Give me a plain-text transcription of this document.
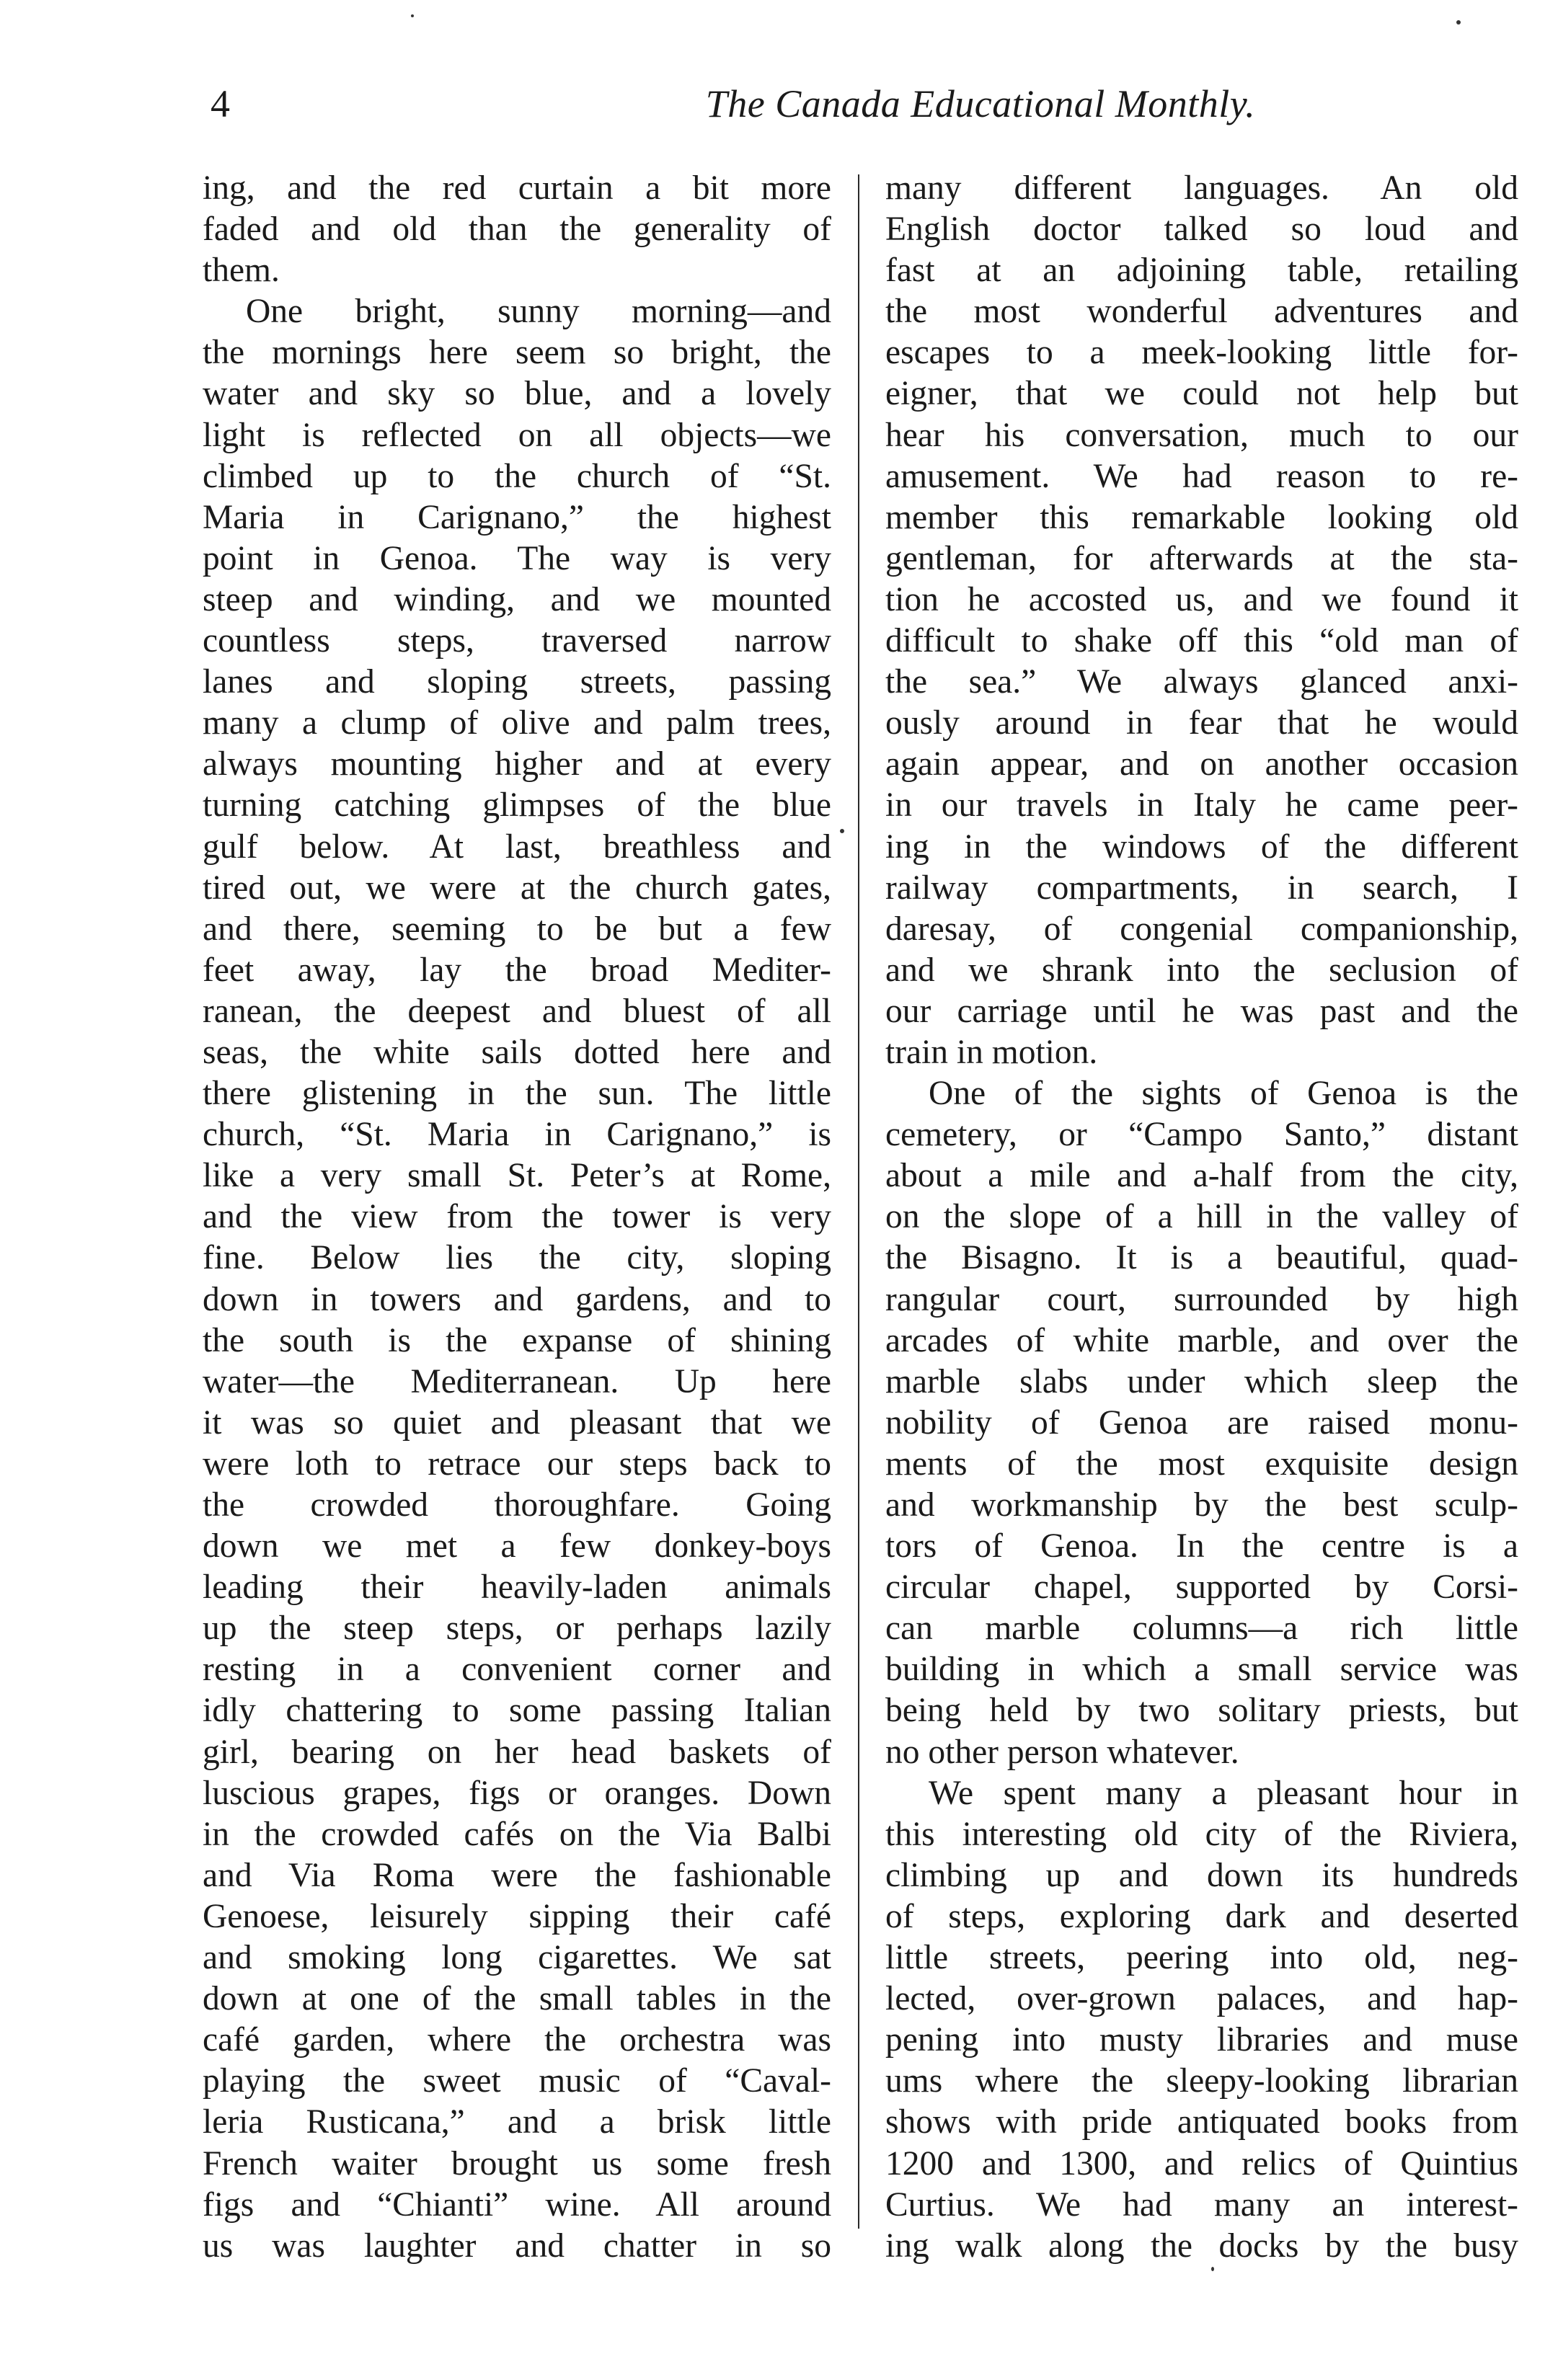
4	The Canada Educational Monthly.
ing, and the red curtain a bit more
faded and old than the generality of
them.
One bright, sunny morning—and
the mornings here seem so bright, the
water and sky so blue, and a lovely
light is reflected on all objects—we
climbed up to the church of “St.
Maria in Carignano,” the highest
point in Genoa. The way is very
steep and winding, and we mounted
countless steps, traversed narrow
lanes and sloping streets, passing
many a clump of olive and palm trees,
always mounting higher and at every
turning catching glimpses of the blue
gulf below. At last, breathless and
tired out, we were at the church gates,
and there, seeming to be but a few
feet away, lay the broad Mediter-
ranean, the deepest and bluest of all
seas, the white sails dotted here and
there glistening in the sun. The little
church, “St. Maria in Carignano,” is
like a very small St. Peter’s at Rome,
and the view from the tower is very
fine. Below lies the city, sloping
down in towers and gardens, and to
the south is the expanse of shining
water—the Mediterranean. Up here
it was so quiet and pleasant that we
were loth to retrace our steps back to
the crowded thoroughfare. Going
down we met a few donkey-boys
leading their heavily-laden animals
up the steep steps, or perhaps lazily
resting in a convenient corner and
idly chattering to some passing Italian
girl, bearing on her head baskets of
luscious grapes, figs or oranges. Down
in the crowded cafés on the Via Balbi
and Via Roma were the fashionable
Genoese, leisurely sipping their café
and smoking long cigarettes. We sat
down at one of the small tables in the
café garden, where the orchestra was
playing the sweet music of “Caval-
leria Rusticana,” and a brisk little
French waiter brought us some fresh
figs and “Chianti” wine. All around
us was laughter and chatter in so
many different languages. An old
English doctor talked so loud and
fast at an adjoining table, retailing
the most wonderful adventures and
escapes to a meek-looking little for-
eigner, that we could not help but
hear his conversation, much to our
amusement. We had reason to re-
member this remarkable looking old
gentleman, for afterwards at the sta-
tion he accosted us, and we found it
difficult to shake off this “old man of
the sea.” We always glanced anxi-
ously around in fear that he would
again appear, and on another occasion
in our travels in Italy he came peer-
ing in the windows of the different
railway compartments, in search, I
daresay, of congenial companionship,
and we shrank into the seclusion of
our carriage until he was past and the
train in motion.
One of the sights of Genoa is the
cemetery, or “Campo Santo,” distant
about a mile and a-half from the city,
on the slope of a hill in the valley of
the Bisagno. It is a beautiful, quad-
rangular court, surrounded by high
arcades of white marble, and over the
marble slabs under which sleep the
nobility of Genoa are raised monu-
ments of the most exquisite design
and workmanship by the best sculp-
tors of Genoa. In the centre is a
circular chapel, supported by Corsi-
can marble columns—a rich little
building in which a small service was
being held by two solitary priests, but
no other person whatever.
We spent many a pleasant hour in
this interesting old city of the Riviera,
climbing up and down its hundreds
of steps, exploring dark and deserted
little streets, peering into old, neg-
lected, over-grown palaces, and hap-
pening into musty libraries and muse
ums where the sleepy-looking librarian
shows with pride antiquated books from
1200 and 1300, and relics of Quintius
Curtius. We had many an interest-
ing walk along the docks by the busy
